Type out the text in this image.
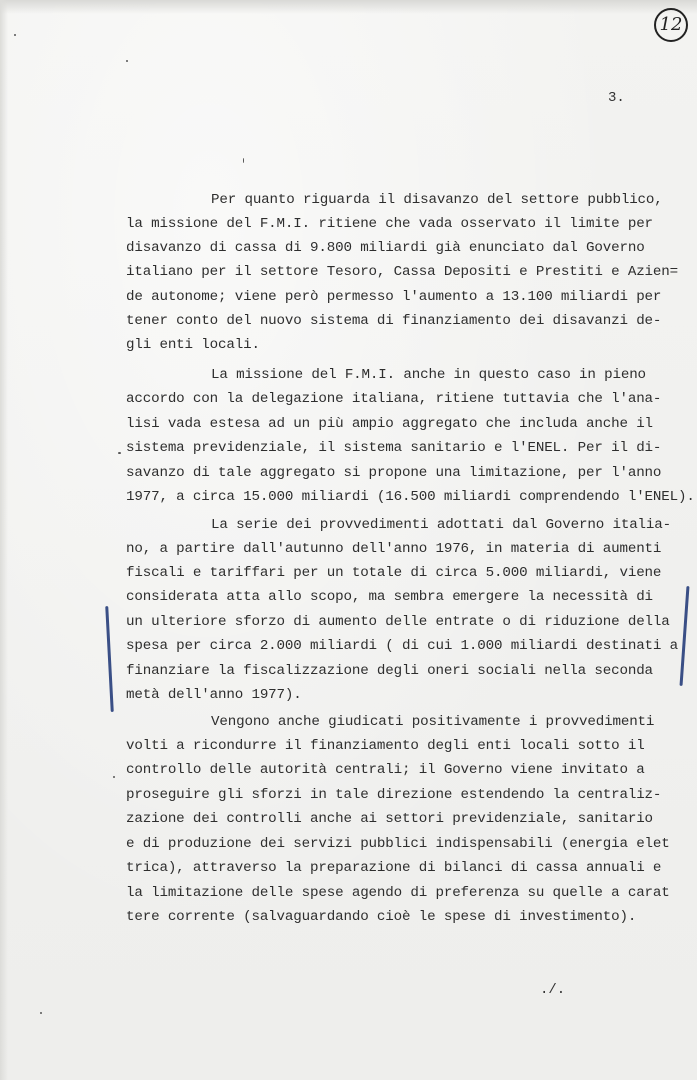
12
3.
Per quanto riguarda il disavanzo del settore pubblico,
la missione del F.M.I. ritiene che vada osservato il limite per
disavanzo di cassa di 9.800 miliardi già enunciato dal Governo
italiano per il settore Tesoro, Cassa Depositi e Prestiti e Azien=
de autonome; viene però permesso l'aumento a 13.100 miliardi per
tener conto del nuovo sistema di finanziamento dei disavanzi de-
gli enti locali.
La missione del F.M.I. anche in questo caso in pieno
accordo con la delegazione italiana, ritiene tuttavia che l'ana-
lisi vada estesa ad un più ampio aggregato che includa anche il
sistema previdenziale, il sistema sanitario e l'ENEL. Per il di-
savanzo di tale aggregato si propone una limitazione, per l'anno
1977, a circa 15.000 miliardi (16.500 miliardi comprendendo l'ENEL).
La serie dei provvedimenti adottati dal Governo italia-
no, a partire dall'autunno dell'anno 1976, in materia di aumenti
fiscali e tariffari per un totale di circa 5.000 miliardi, viene
considerata atta allo scopo, ma sembra emergere la necessità di
un ulteriore sforzo di aumento delle entrate o di riduzione della
spesa per circa 2.000 miliardi ( di cui 1.000 miliardi destinati a
finanziare la fiscalizzazione degli oneri sociali nella seconda
metà dell'anno 1977).
Vengono anche giudicati positivamente i provvedimenti
volti a ricondurre il finanziamento degli enti locali sotto il
controllo delle autorità centrali; il Governo viene invitato a
proseguire gli sforzi in tale direzione estendendo la centraliz-
zazione dei controlli anche ai settori previdenziale, sanitario
e di produzione dei servizi pubblici indispensabili (energia elet
trica), attraverso la preparazione di bilanci di cassa annuali e
la limitazione delle spese agendo di preferenza su quelle a carat
tere corrente (salvaguardando cioè le spese di investimento).
./.
